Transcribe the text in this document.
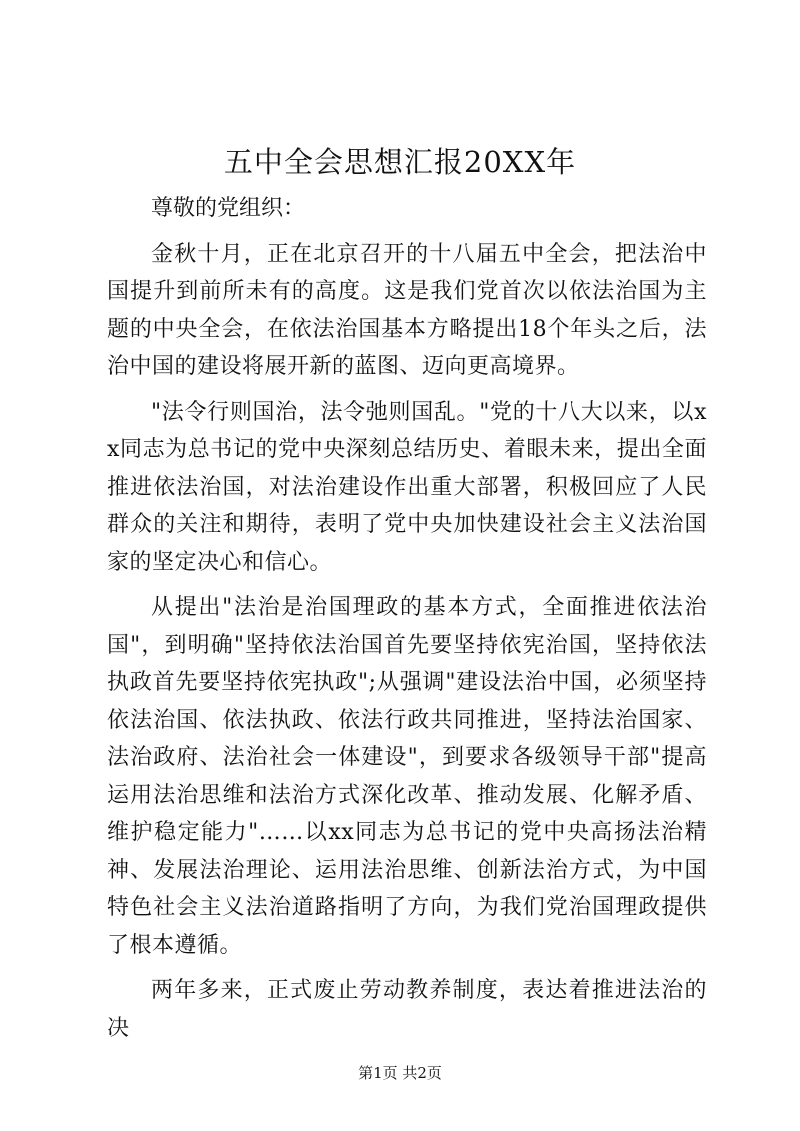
五中全会思想汇报20XX年

尊敬的党组织：

金秋十月，正在北京召开的十八届五中全会，把法治中国提升到前所未有的高度。这是我们党首次以依法治国为主题的中央全会，在依法治国基本方略提出18个年头之后，法治中国的建设将展开新的蓝图、迈向更高境界。

"法令行则国治，法令弛则国乱。"党的十八大以来，以xx同志为总书记的党中央深刻总结历史、着眼未来，提出全面推进依法治国，对法治建设作出重大部署，积极回应了人民群众的关注和期待，表明了党中央加快建设社会主义法治国家的坚定决心和信心。

从提出"法治是治国理政的基本方式，全面推进依法治国"，到明确"坚持依法治国首先要坚持依宪治国，坚持依法执政首先要坚持依宪执政";从强调"建设法治中国，必须坚持依法治国、依法执政、依法行政共同推进，坚持法治国家、法治政府、法治社会一体建设"，到要求各级领导干部"提高运用法治思维和法治方式深化改革、推动发展、化解矛盾、维护稳定能力"……以xx同志为总书记的党中央高扬法治精神、发展法治理论、运用法治思维、创新法治方式，为中国特色社会主义法治道路指明了方向，为我们党治国理政提供了根本遵循。

两年多来，正式废止劳动教养制度，表达着推进法治的决

第1页 共2页
